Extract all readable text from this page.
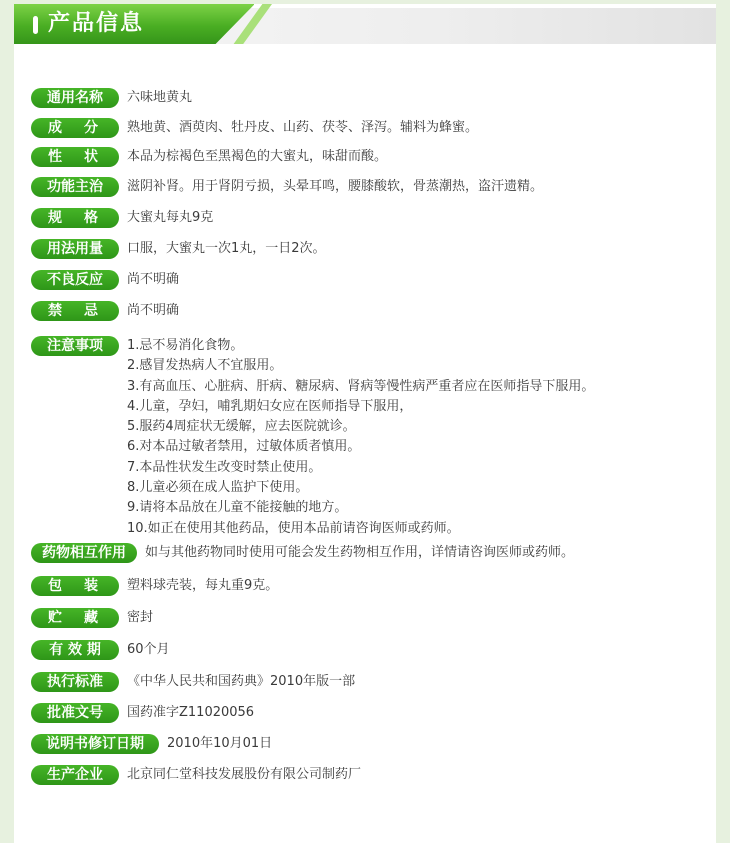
产品信息
通用名称	六味地黄丸
成　分	熟地黄、酒萸肉、牡丹皮、山药、茯苓、泽泻。辅料为蜂蜜。
性　状	本品为棕褐色至黑褐色的大蜜丸，味甜而酸。
功能主治	滋阴补肾。用于肾阴亏损，头晕耳鸣，腰膝酸软，骨蒸潮热，盗汗遗精。
规　格	大蜜丸每丸9克
用法用量	口服，大蜜丸一次1丸，一日2次。
不良反应	尚不明确
禁　忌	尚不明确
注意事项	1.忌不易消化食物。
2.感冒发热病人不宜服用。
3.有高血压、心脏病、肝病、糖尿病、肾病等慢性病严重者应在医师指导下服用。
4.儿童，孕妇，哺乳期妇女应在医师指导下服用，
5.服药4周症状无缓解，应去医院就诊。
6.对本品过敏者禁用，过敏体质者慎用。
7.本品性状发生改变时禁止使用。
8.儿童必须在成人监护下使用。
9.请将本品放在儿童不能接触的地方。
10.如正在使用其他药品，使用本品前请咨询医师或药师。
药物相互作用	如与其他药物同时使用可能会发生药物相互作用，详情请咨询医师或药师。
包　装	塑料球壳装，每丸重9克。
贮　藏	密封
有 效 期	60个月
执行标准	《中华人民共和国药典》2010年版一部
批准文号	国药准字Z11020056
说明书修订日期	2010年10月01日
生产企业	北京同仁堂科技发展股份有限公司制药厂
